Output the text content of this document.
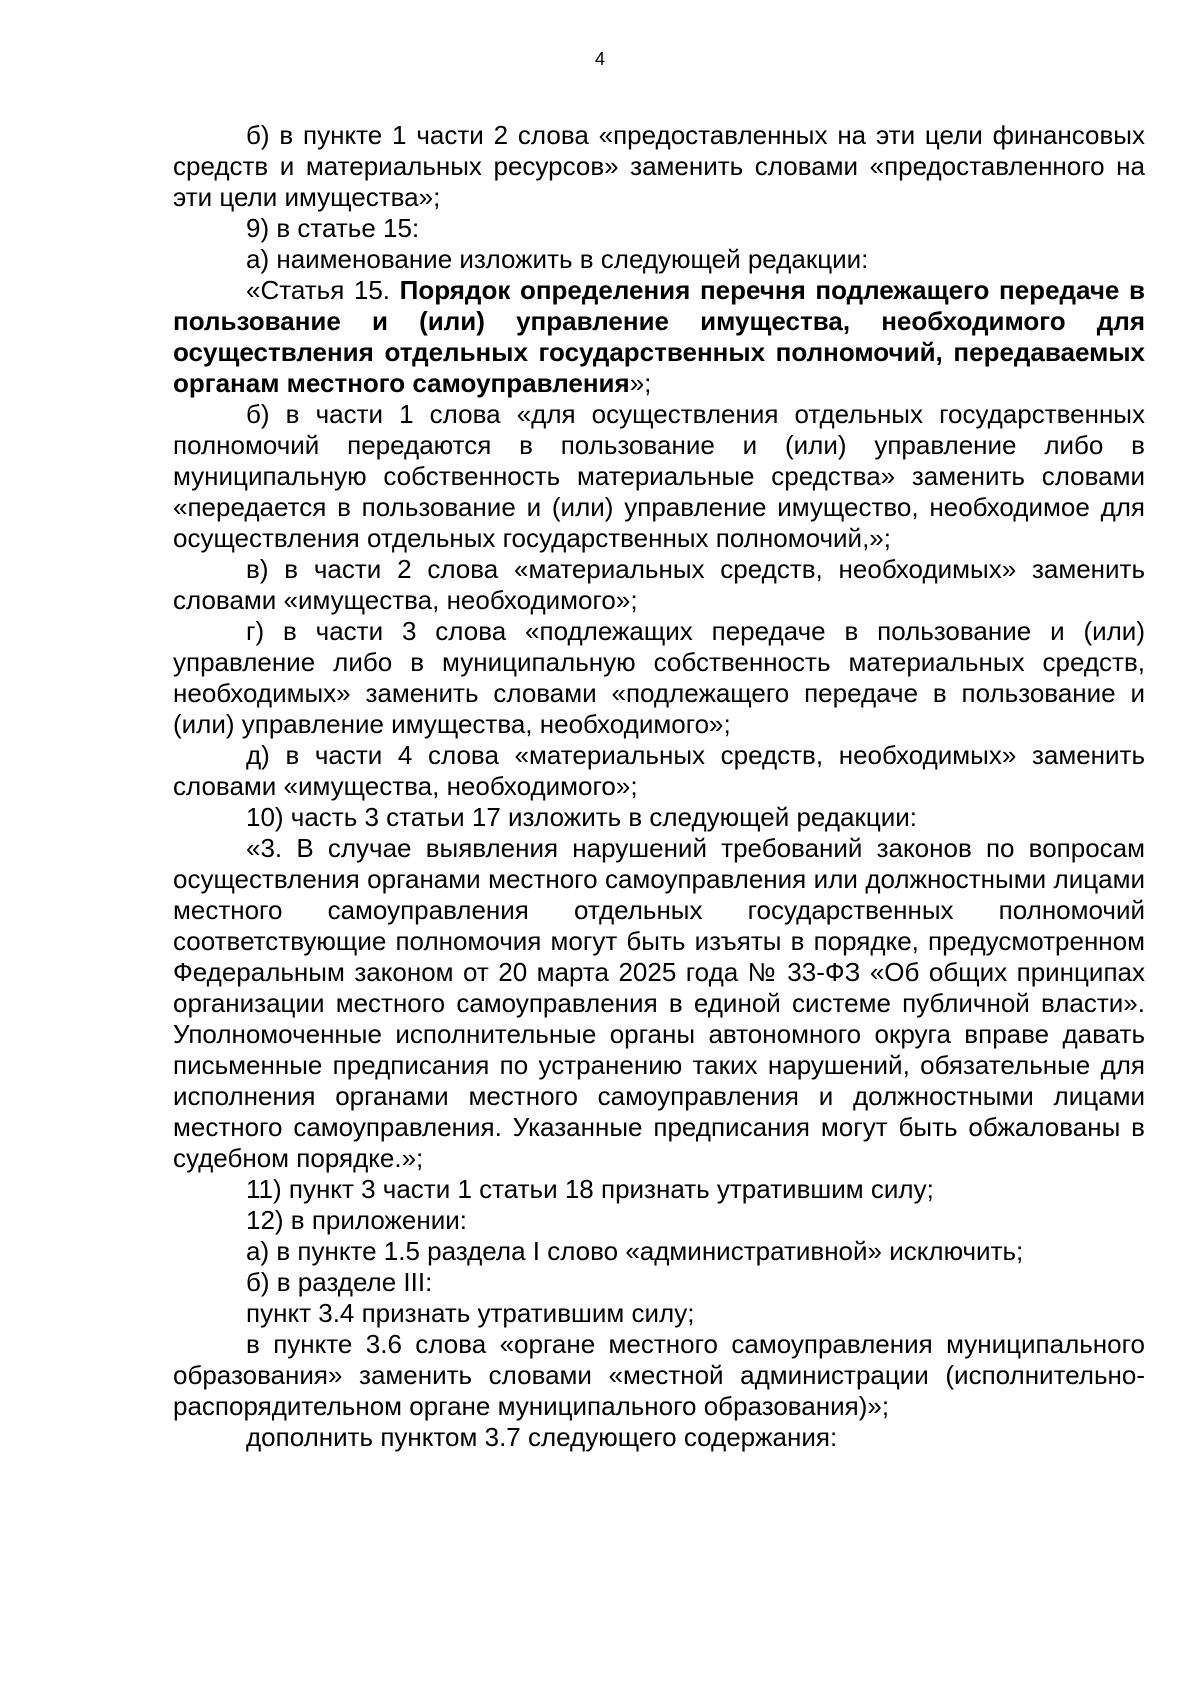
4

б) в пункте 1 части 2 слова «предоставленных на эти цели финансовых средств и материальных ресурсов» заменить словами «предоставленного на эти цели имущества»;

9) в статье 15:

а) наименование изложить в следующей редакции:

«Статья 15. Порядок определения перечня подлежащего передаче в пользование и (или) управление имущества, необходимого для осуществления отдельных государственных полномочий, передаваемых органам местного самоуправления»;

б) в части 1 слова «для осуществления отдельных государственных полномочий передаются в пользование и (или) управление либо в муниципальную собственность материальные средства» заменить словами «передается в пользование и (или) управление имущество, необходимое для осуществления отдельных государственных полномочий,»;

в) в части 2 слова «материальных средств, необходимых» заменить словами «имущества, необходимого»;

г) в части 3 слова «подлежащих передаче в пользование и (или) управление либо в муниципальную собственность материальных средств, необходимых» заменить словами «подлежащего передаче в пользование и (или) управление имущества, необходимого»;

д) в части 4 слова «материальных средств, необходимых» заменить словами «имущества, необходимого»;

10) часть 3 статьи 17 изложить в следующей редакции:

«3. В случае выявления нарушений требований законов по вопросам осуществления органами местного самоуправления или должностными лицами местного самоуправления отдельных государственных полномочий соответствующие полномочия могут быть изъяты в порядке, предусмотренном Федеральным законом от 20 марта 2025 года № 33-ФЗ «Об общих принципах организации местного самоуправления в единой системе публичной власти». Уполномоченные исполнительные органы автономного округа вправе давать письменные предписания по устранению таких нарушений, обязательные для исполнения органами местного самоуправления и должностными лицами местного самоуправления. Указанные предписания могут быть обжалованы в судебном порядке.»;

11) пункт 3 части 1 статьи 18 признать утратившим силу;

12) в приложении:

а) в пункте 1.5 раздела I слово «административной» исключить;

б) в разделе III:

пункт 3.4 признать утратившим силу;

в пункте 3.6 слова «органе местного самоуправления муниципального образования» заменить словами «местной администрации (исполнительно-распорядительном органе муниципального образования)»;

дополнить пунктом 3.7 следующего содержания:
